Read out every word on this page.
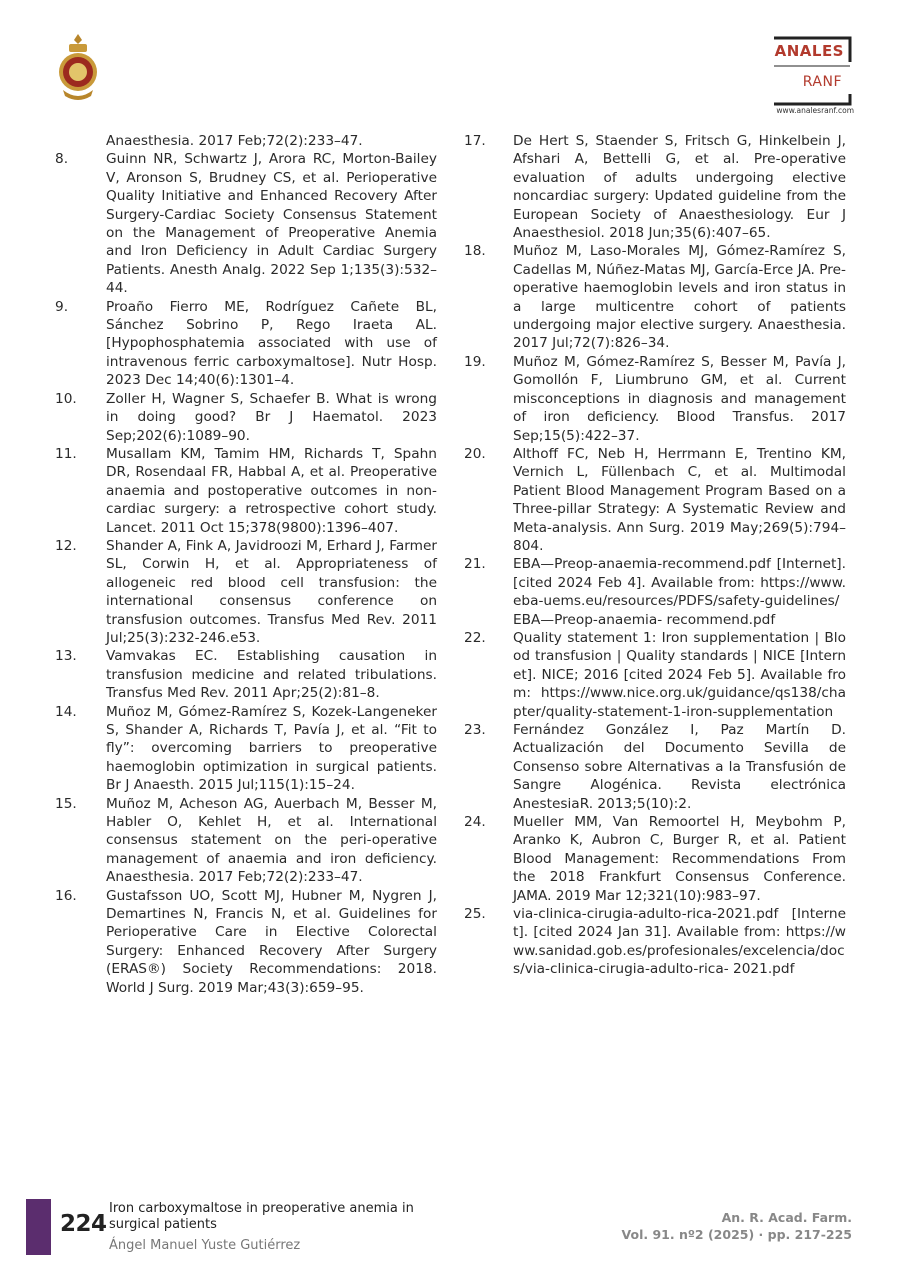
ANALES
RANF
www.analesranf.com
Anaesthesia. 2017 Feb;72(2):233–47.
8.	Guinn NR, Schwartz J, Arora RC, Morton-Bailey V, Aronson S, Brudney CS, et al. Perioperative Quality Initiative and Enhanced Recovery After Surgery-Cardiac Society Consensus Statement on the Management of Preoperative Anemia and Iron Deficiency in Adult Cardiac Surgery Patients. Anesth Analg. 2022 Sep 1;135(3):532–44.
9.	Proaño Fierro ME, Rodríguez Cañete BL, Sánchez Sobrino P, Rego Iraeta AL. [Hypophosphatemia associated with use of intravenous ferric carboxymaltose]. Nutr Hosp. 2023 Dec 14;40(6):1301–4.
10.	Zoller H, Wagner S, Schaefer B. What is wrong in doing good? Br J Haematol. 2023 Sep;202(6):1089–90.
11.	Musallam KM, Tamim HM, Richards T, Spahn DR, Rosendaal FR, Habbal A, et al. Preoperative anaemia and postoperative outcomes in non-cardiac surgery: a retrospective cohort study. Lancet. 2011 Oct 15;378(9800):1396–407.
12.	Shander A, Fink A, Javidroozi M, Erhard J, Farmer SL, Corwin H, et al. Appropriateness of allogeneic red blood cell transfusion: the international consensus conference on transfusion outcomes. Transfus Med Rev. 2011 Jul;25(3):232-246.e53.
13.	Vamvakas EC. Establishing causation in transfusion medicine and related tribulations. Transfus Med Rev. 2011 Apr;25(2):81–8.
14.	Muñoz M, Gómez-Ramírez S, Kozek-Langeneker S, Shander A, Richards T, Pavía J, et al. “Fit to fly”: overcoming barriers to preoperative haemoglobin optimization in surgical patients. Br J Anaesth. 2015 Jul;115(1):15–24.
15.	Muñoz M, Acheson AG, Auerbach M, Besser M, Habler O, Kehlet H, et al. International consensus statement on the peri-operative management of anaemia and iron deficiency. Anaesthesia. 2017 Feb;72(2):233–47.
16.	Gustafsson UO, Scott MJ, Hubner M, Nygren J, Demartines N, Francis N, et al. Guidelines for Perioperative Care in Elective Colorectal Surgery: Enhanced Recovery After Surgery (ERAS®) Society Recommendations: 2018. World J Surg. 2019 Mar;43(3):659–95.
17.	De Hert S, Staender S, Fritsch G, Hinkelbein J, Afshari A, Bettelli G, et al. Pre-operative evaluation of adults undergoing elective noncardiac surgery: Updated guideline from the European Society of Anaesthesiology. Eur J Anaesthesiol. 2018 Jun;35(6):407–65.
18.	Muñoz M, Laso-Morales MJ, Gómez-Ramírez S, Cadellas M, Núñez-Matas MJ, García-Erce JA. Pre-operative haemoglobin levels and iron status in a large multicentre cohort of patients undergoing major elective surgery. Anaesthesia. 2017 Jul;72(7):826–34.
19.	Muñoz M, Gómez-Ramírez S, Besser M, Pavía J, Gomollón F, Liumbruno GM, et al. Current misconceptions in diagnosis and management of iron deficiency. Blood Transfus. 2017 Sep;15(5):422–37.
20.	Althoff FC, Neb H, Herrmann E, Trentino KM, Vernich L, Füllenbach C, et al. Multimodal Patient Blood Management Program Based on a Three-pillar Strategy: A Systematic Review and Meta-analysis. Ann Surg. 2019 May;269(5):794–804.
21.	EBA—Preop-anaemia-recommend.pdf [Internet]. [cited 2024 Feb 4]. Available from: https://www.eba-uems.eu/resources/PDFS/safety-guidelines/EBA—Preop-anaemia- recommend.pdf
22.	Quality statement 1: Iron supplementation | Blood transfusion | Quality standards | NICE [Internet]. NICE; 2016 [cited 2024 Feb 5]. Available from: https://www.nice.org.uk/guidance/qs138/chapter/quality-statement-1-iron-supplementation
23.	Fernández González I, Paz Martín D. Actualización del Documento Sevilla de Consenso sobre Alternativas a la Transfusión de Sangre Alogénica. Revista electrónica AnestesiaR. 2013;5(10):2.
24.	Mueller MM, Van Remoortel H, Meybohm P, Aranko K, Aubron C, Burger R, et al. Patient Blood Management: Recommendations From the 2018 Frankfurt Consensus Conference. JAMA. 2019 Mar 12;321(10):983–97.
25.	via-clinica-cirugia-adulto-rica-2021.pdf [Internet]. [cited 2024 Jan 31]. Available from: https://www.sanidad.gob.es/profesionales/excelencia/docs/via-clinica-cirugia-adulto-rica- 2021.pdf
224
Iron carboxymaltose in preoperative anemia in surgical patients
Ángel Manuel Yuste Gutiérrez
An. R. Acad. Farm.
Vol. 91. nº2 (2025) · pp. 217-225
